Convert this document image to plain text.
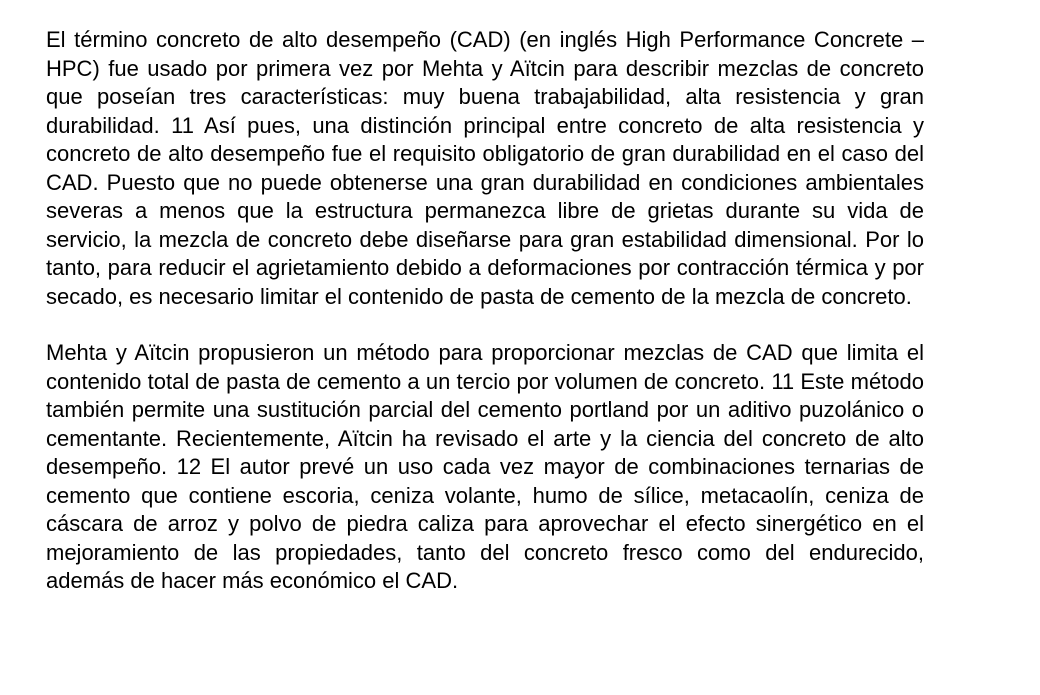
El término concreto de alto desempeño (CAD) (en inglés High Performance Concrete –HPC) fue usado por primera vez por Mehta y Aïtcin para describir mezclas de concreto que poseían tres características: muy buena trabajabilidad, alta resistencia y gran durabilidad. 11 Así pues, una distinción principal entre concreto de alta resistencia y concreto de alto desempeño fue el requisito obligatorio de gran durabilidad en el caso del CAD. Puesto que no puede obtenerse una gran durabilidad en condiciones ambientales severas a menos que la estructura permanezca libre de grietas durante su vida de servicio, la mezcla de concreto debe diseñarse para gran estabilidad dimensional. Por lo tanto, para reducir el agrietamiento debido a deformaciones por contracción térmica y por secado, es necesario limitar el contenido de pasta de cemento de la mezcla de concreto.

Mehta y Aïtcin propusieron un método para proporcionar mezclas de CAD que limita el contenido total de pasta de cemento a un tercio por volumen de concreto. 11 Este método también permite una sustitución parcial del cemento portland por un aditivo puzolánico o cementante. Recientemente, Aïtcin ha revisado el arte y la ciencia del concreto de alto desempeño. 12 El autor prevé un uso cada vez mayor de combinaciones ternarias de cemento que contiene escoria, ceniza volante, humo de sílice, metacaolín, ceniza de cáscara de arroz y polvo de piedra caliza para aprovechar el efecto sinergético en el mejoramiento de las propiedades, tanto del concreto fresco como del endurecido, además de hacer más económico el CAD.
